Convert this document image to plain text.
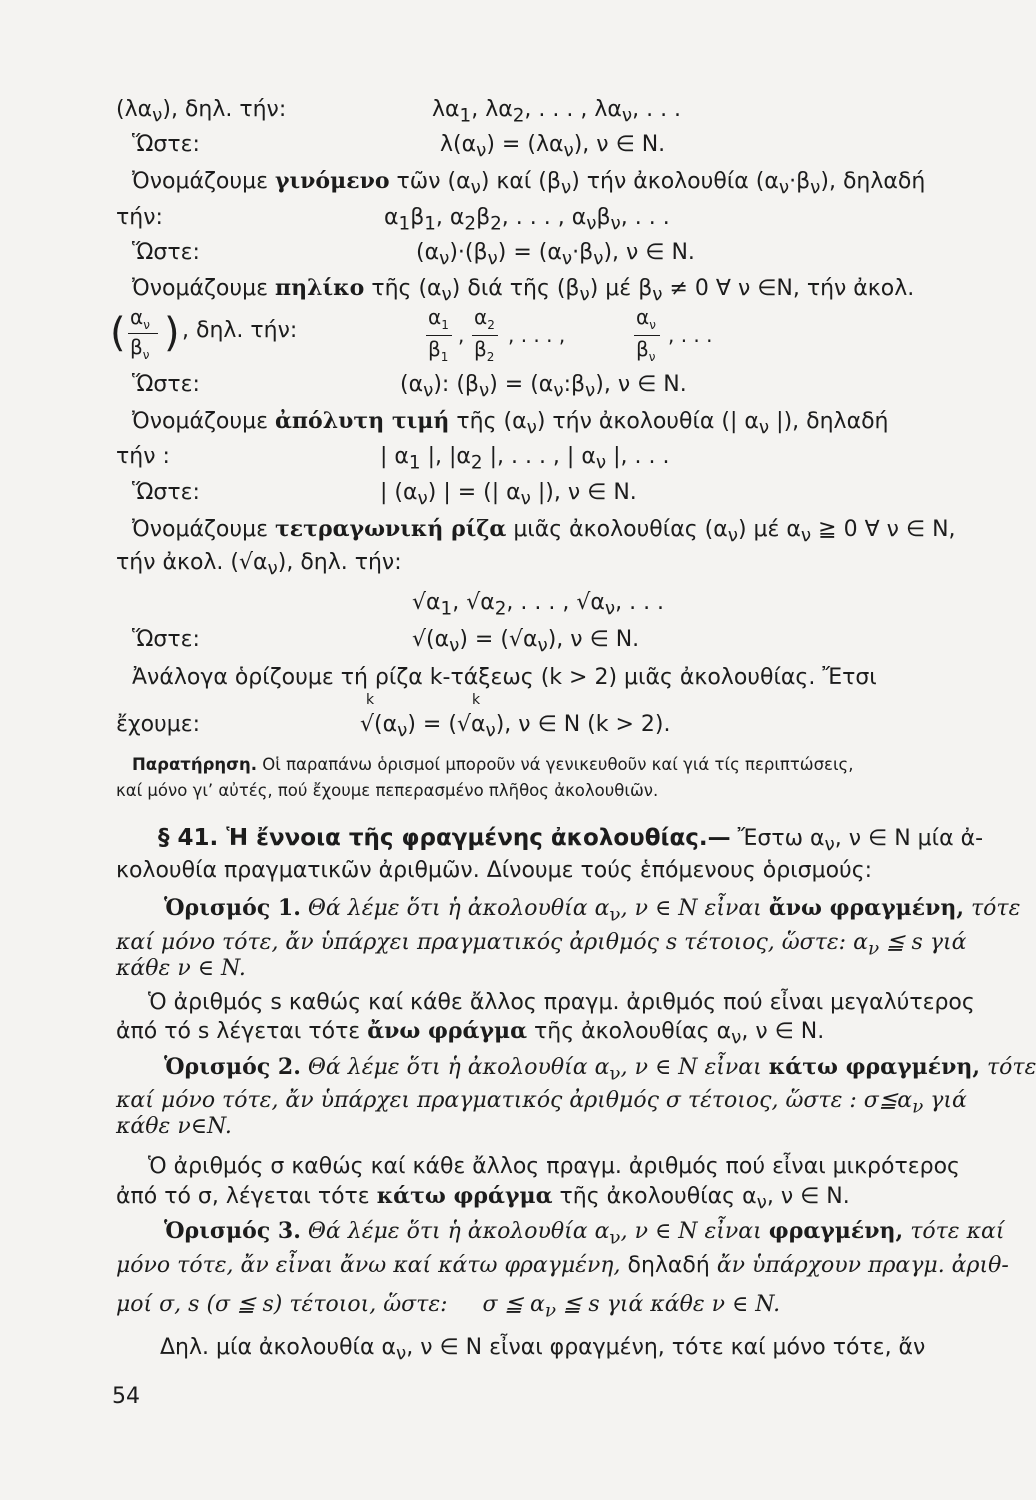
$(\lambda\alpha_\nu)$, δηλ. τήν:	$\lambda\alpha_1$, $\lambda\alpha_2$, . . . , $\lambda\alpha_\nu$, . . .
Ὥστε:	$\lambda(\alpha_\nu) = (\lambda\alpha_\nu)$, ν ∈ N.
Ὀνομάζουμε γινόμενο τῶν $(\alpha_\nu)$ καί $(\beta_\nu)$ τήν ἀκολουθία $(\alpha_\nu\cdot\beta_\nu)$, δηλαδή
τήν:	$\alpha_1\beta_1$, $\alpha_2\beta_2$, . . . , $\alpha_\nu\beta_\nu$, . . .
Ὥστε:	$(\alpha_\nu)\cdot(\beta_\nu) = (\alpha_\nu\cdot\beta_\nu)$, ν ∈ N.
Ὀνομάζουμε πηλίκο τῆς $(\alpha_\nu)$ διά τῆς $(\beta_\nu)$ μέ $\beta_\nu \ne 0$ ∀ ν ∈N, τήν ἀκολ.
( $\alpha_\nu$
$\beta_\nu$ ) , δηλ. τήν:
$\alpha_1$
$\beta_1$
,
$\alpha_2$
$\beta_2$
, . . . ,
$\alpha_\nu$
$\beta_\nu$
, . . .
Ὥστε:	$(\alpha_\nu)$: $(\beta_\nu)$ = $(\alpha_\nu:\beta_\nu)$, ν ∈ N.
Ὀνομάζουμε ἀπόλυτη τιμή τῆς $(\alpha_\nu)$ τήν ἀκολουθία (| $\alpha_\nu$ |), δηλαδή
τήν :	| $\alpha_1$ |, $|\alpha_2$ |, . . . , | $\alpha_\nu$ |, . . .
Ὥστε:	| $(\alpha_\nu)$ | = (| $\alpha_\nu$ |), ν ∈ N.
Ὀνομάζουμε τετραγωνική ρίζα μιᾶς ἀκολουθίας $(\alpha_\nu)$ μέ $\alpha_\nu$ ≧ 0 ∀ ν ∈ N,
τήν ἀκολ. $(√\alpha_\nu)$, δηλ. τήν:
$√\alpha_1$, $√\alpha_2$, . . . , $√\alpha_\nu$, . . .
Ὥστε:	$√(\alpha_\nu) = (√\alpha_\nu)$, ν ∈ N.
Ἀνάλογα ὁρίζουμε τή ρίζα k-τάξεως (k > 2) μιᾶς ἀκολουθίας. Ἔτσι
k	k
ἔχουμε:	$√(\alpha_\nu) = (√\alpha_\nu)$, ν ∈ N (k > 2).
Παρατήρηση. Οἱ παραπάνω ὁρισμοί μποροῦν νά γενικευθοῦν καί γιά τίς περιπτώσεις,
καί μόνο γι’ αὐτές, πού ἔχουμε πεπερασμένο πλῆθος ἀκολουθιῶν.
§ 41. Ἡ ἔννοια τῆς φραγμένης ἀκολουθίας.— Ἔστω $\alpha_\nu$, ν ∈ N μία ἀ-
κολουθία πραγματικῶν ἀριθμῶν. Δίνουμε τούς ἑπόμενους ὁρισμούς:
Ὁρισμός 1. Θά λέμε ὅτι ἡ ἀκολουθία $\alpha_\nu$, ν ∈ N εἶναι ἄνω φραγμένη, τότε
καί μόνο τότε, ἄν ὑπάρχει πραγματικός ἀριθμός s τέτοιος, ὥστε: $\alpha_\nu$ ≦ s γιά
κάθε ν ∈ N.
Ὁ ἀριθμός s καθώς καί κάθε ἄλλος πραγμ. ἀριθμός πού εἶναι μεγαλύτερος
ἀπό τό s λέγεται τότε ἄνω φράγμα τῆς ἀκολουθίας $\alpha_\nu$, ν ∈ N.
Ὁρισμός 2. Θά λέμε ὅτι ἡ ἀκολουθία $\alpha_\nu$, ν ∈ N εἶναι κάτω φραγμένη, τότε
καί μόνο τότε, ἄν ὑπάρχει πραγματικός ἀριθμός σ τέτοιος, ὥστε : $\sigma≦\alpha_\nu$ γιά
κάθε ν∈N.
Ὁ ἀριθμός σ καθώς καί κάθε ἄλλος πραγμ. ἀριθμός πού εἶναι μικρότερος
ἀπό τό σ, λέγεται τότε κάτω φράγμα τῆς ἀκολουθίας $\alpha_\nu$, ν ∈ N.
Ὁρισμός 3. Θά λέμε ὅτι ἡ ἀκολουθία $\alpha_\nu$, ν ∈ N εἶναι φραγμένη, τότε καί
μόνο τότε, ἄν εἶναι ἄνω καί κάτω φραγμένη, δηλαδή ἄν ὑπάρχουν πραγμ. ἀριθ-
μοί σ, s (σ ≦ s) τέτοιοι, ὥστε: σ ≦ $\alpha_\nu$ ≦ s γιά κάθε ν ∈ N.
Δηλ. μία ἀκολουθία $\alpha_\nu$, ν ∈ N εἶναι φραγμένη, τότε καί μόνο τότε, ἄν
54
